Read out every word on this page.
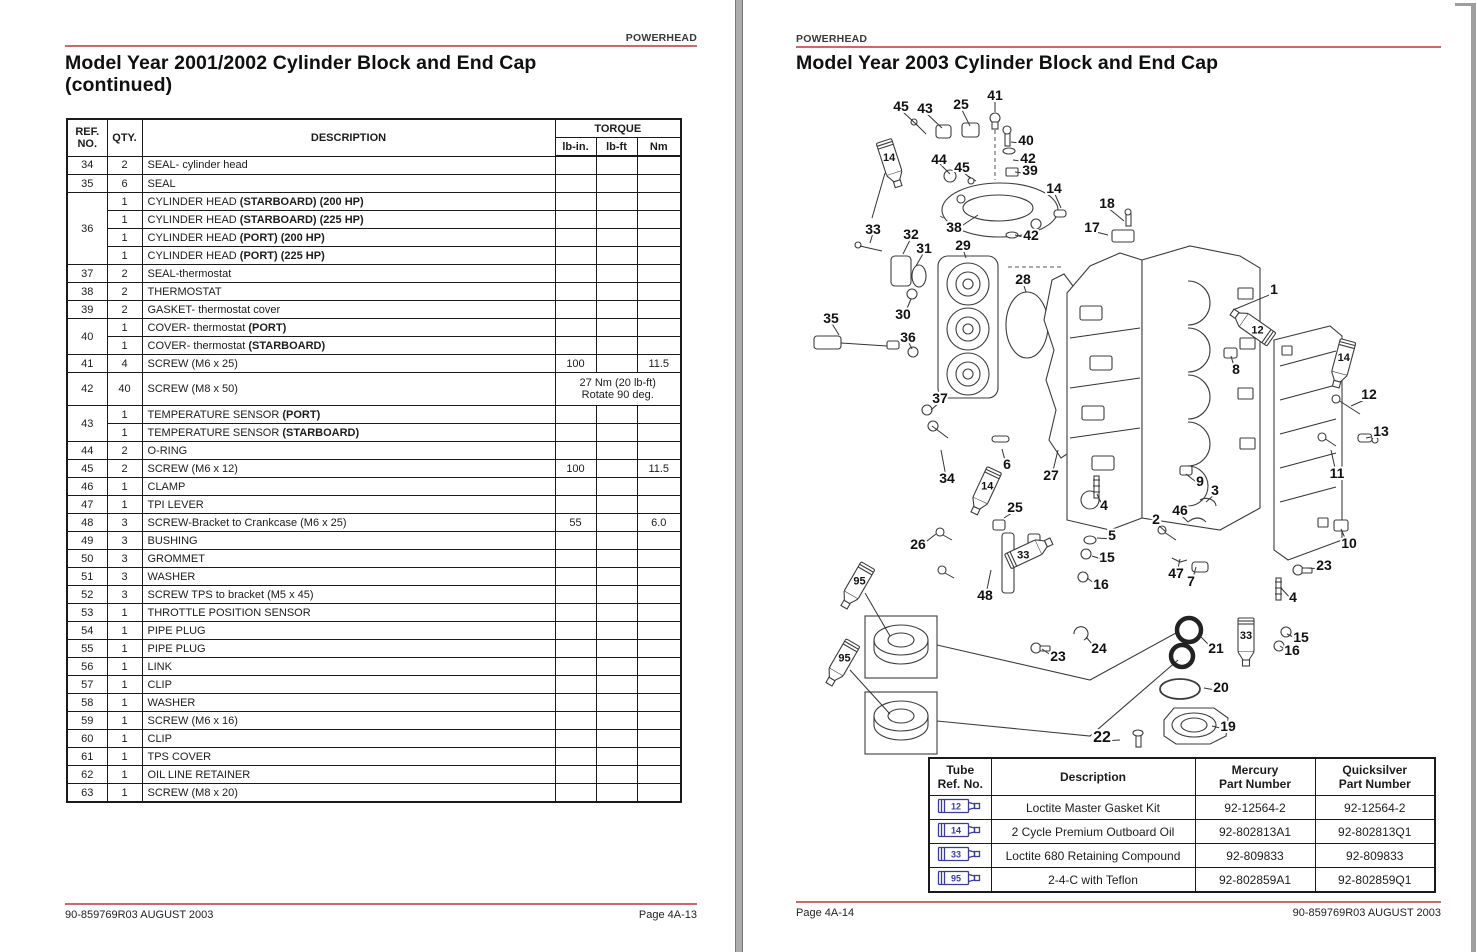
POWERHEAD
Model Year 2001/2002 Cylinder Block and End Cap
(continued)
REF.
NO.	QTY.	DESCRIPTION	TORQUE		
			lb-in.	lb-ft	Nm
34	2	SEAL- cylinder head			
35	6	SEAL			
36	1	CYLINDER HEAD (STARBOARD) (200 HP)			
	1	CYLINDER HEAD (STARBOARD) (225 HP)			
	1	CYLINDER HEAD (PORT) (200 HP)			
	1	CYLINDER HEAD (PORT) (225 HP)			
37	2	SEAL-thermostat			
38	2	THERMOSTAT			
39	2	GASKET- thermostat cover			
40	1	COVER- thermostat (PORT)			
	1	COVER- thermostat (STARBOARD)			
41	4	SCREW (M6 x 25)	100		11.5
42	40	SCREW (M8 x 50)	27 Nm (20 lb-ft)
Rotate 90 deg.		
43	1	TEMPERATURE SENSOR (PORT)			
	1	TEMPERATURE SENSOR (STARBOARD)			
44	2	O-RING			
45	2	SCREW (M6 x 12)	100		11.5
46	1	CLAMP			
47	1	TPI LEVER			
48	3	SCREW-Bracket to Crankcase (M6 x 25)	55		6.0
49	3	BUSHING			
50	3	GROMMET			
51	3	WASHER			
52	3	SCREW TPS to bracket (M5 x 45)			
53	1	THROTTLE POSITION SENSOR			
54	1	PIPE PLUG			
55	1	PIPE PLUG			
56	1	LINK			
57	1	CLIP			
58	1	WASHER			
59	1	SCREW (M6 x 16)			
60	1	CLIP			
61	1	TPS COVER			
62	1	OIL LINE RETAINER			
63	1	SCREW (M8 x 20)			
90-859769R03 AUGUST 2003	Page 4A-13
POWERHEAD
Model Year 2003 Cylinder Block and End Cap
45 43 25
41
40
42
39
44 45
14
18
17
14
33 32
31
38	42
29
28
30
35
36
1
12
8
14
12
13
11
9
3
46
2
47 7
10
23
4
15
16
33
21
37
34
14
6
27
25
26
4
5
15
16
48
95
95
33
23 24
20
19
22
Tube
Ref. No.	Description	Mercury
Part Number	Quicksilver
Part Number

12	Loctite Master Gasket Kit	92-12564-2	92-12564-2

14	2 Cycle Premium Outboard Oil	92-802813A1	92-802813Q1

33	Loctite 680 Retaining Compound	92-809833	92-809833

95	2-4-C with Teflon	92-802859A1	92-802859Q1
Page 4A-14	90-859769R03 AUGUST 2003
